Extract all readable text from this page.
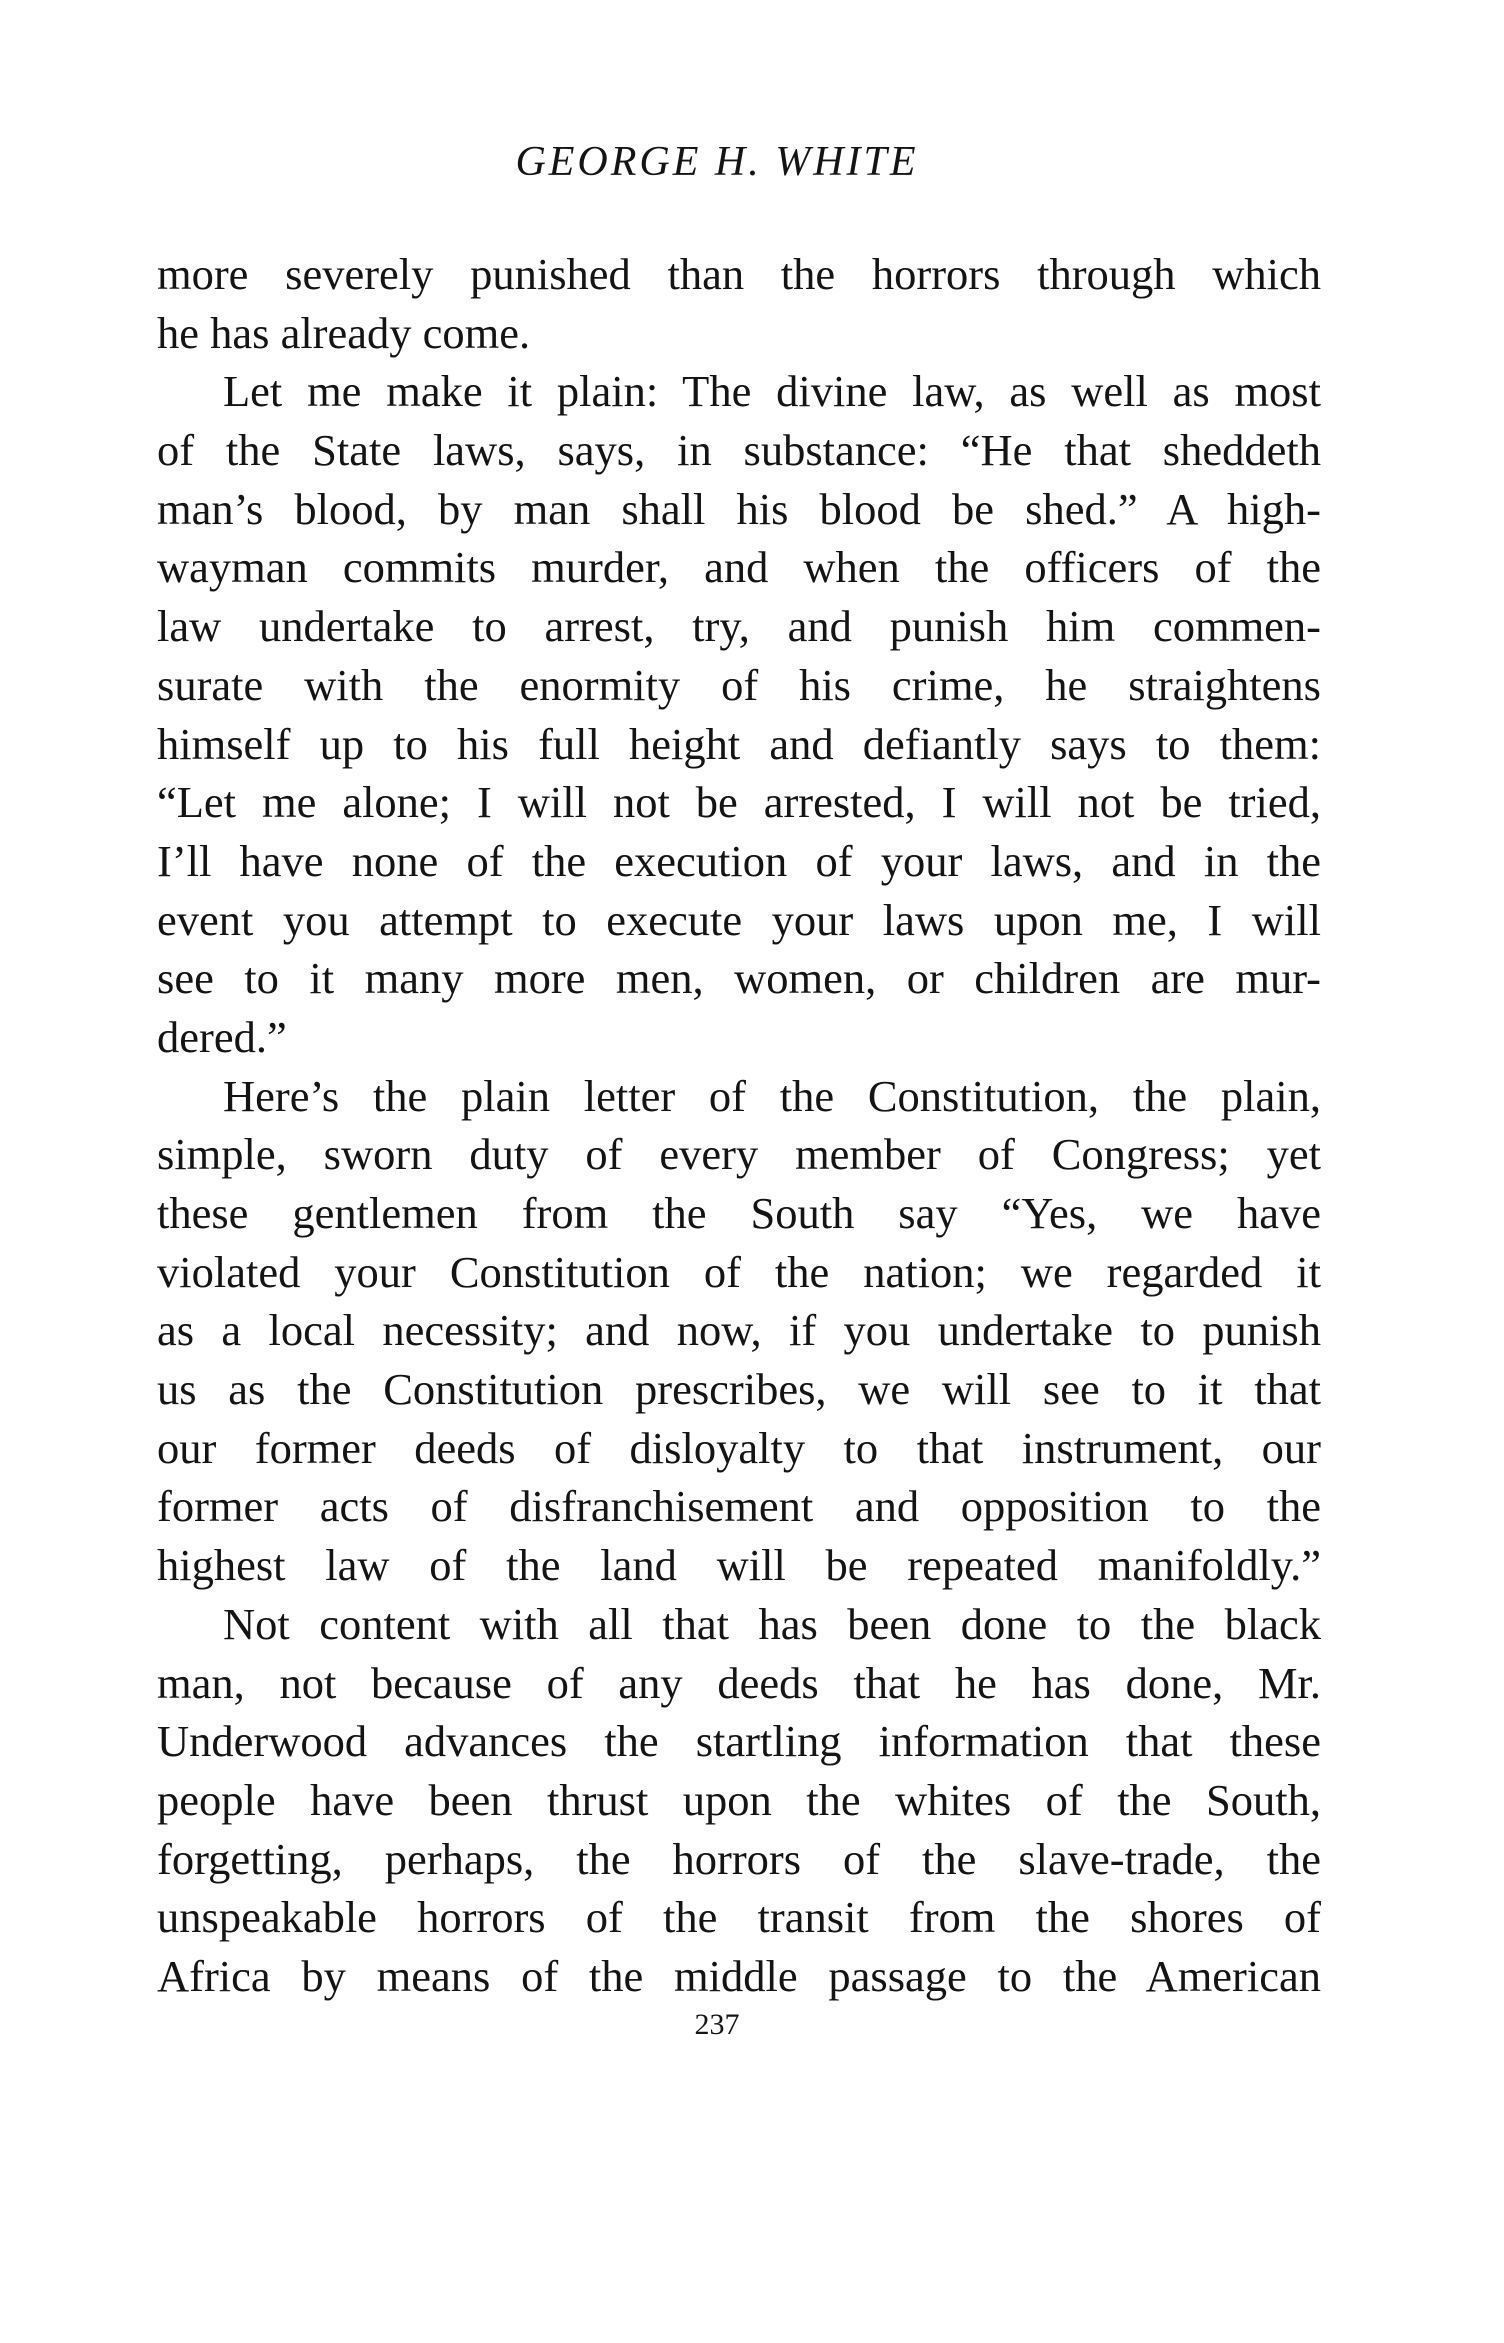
GEORGE H. WHITE
more severely punished than the horrors through which
he has already come.
Let me make it plain: The divine law, as well as most
of the State laws, says, in substance: “He that sheddeth
man’s blood, by man shall his blood be shed.” A high-
wayman commits murder, and when the officers of the
law undertake to arrest, try, and punish him commen-
surate with the enormity of his crime, he straightens
himself up to his full height and defiantly says to them:
“Let me alone; I will not be arrested, I will not be tried,
I’ll have none of the execution of your laws, and in the
event you attempt to execute your laws upon me, I will
see to it many more men, women, or children are mur-
dered.”
Here’s the plain letter of the Constitution, the plain,
simple, sworn duty of every member of Congress; yet
these gentlemen from the South say “Yes, we have
violated your Constitution of the nation; we regarded it
as a local necessity; and now, if you undertake to punish
us as the Constitution prescribes, we will see to it that
our former deeds of disloyalty to that instrument, our
former acts of disfranchisement and opposition to the
highest law of the land will be repeated manifoldly.”
Not content with all that has been done to the black
man, not because of any deeds that he has done, Mr.
Underwood advances the startling information that these
people have been thrust upon the whites of the South,
forgetting, perhaps, the horrors of the slave-trade, the
unspeakable horrors of the transit from the shores of
Africa by means of the middle passage to the American
237
